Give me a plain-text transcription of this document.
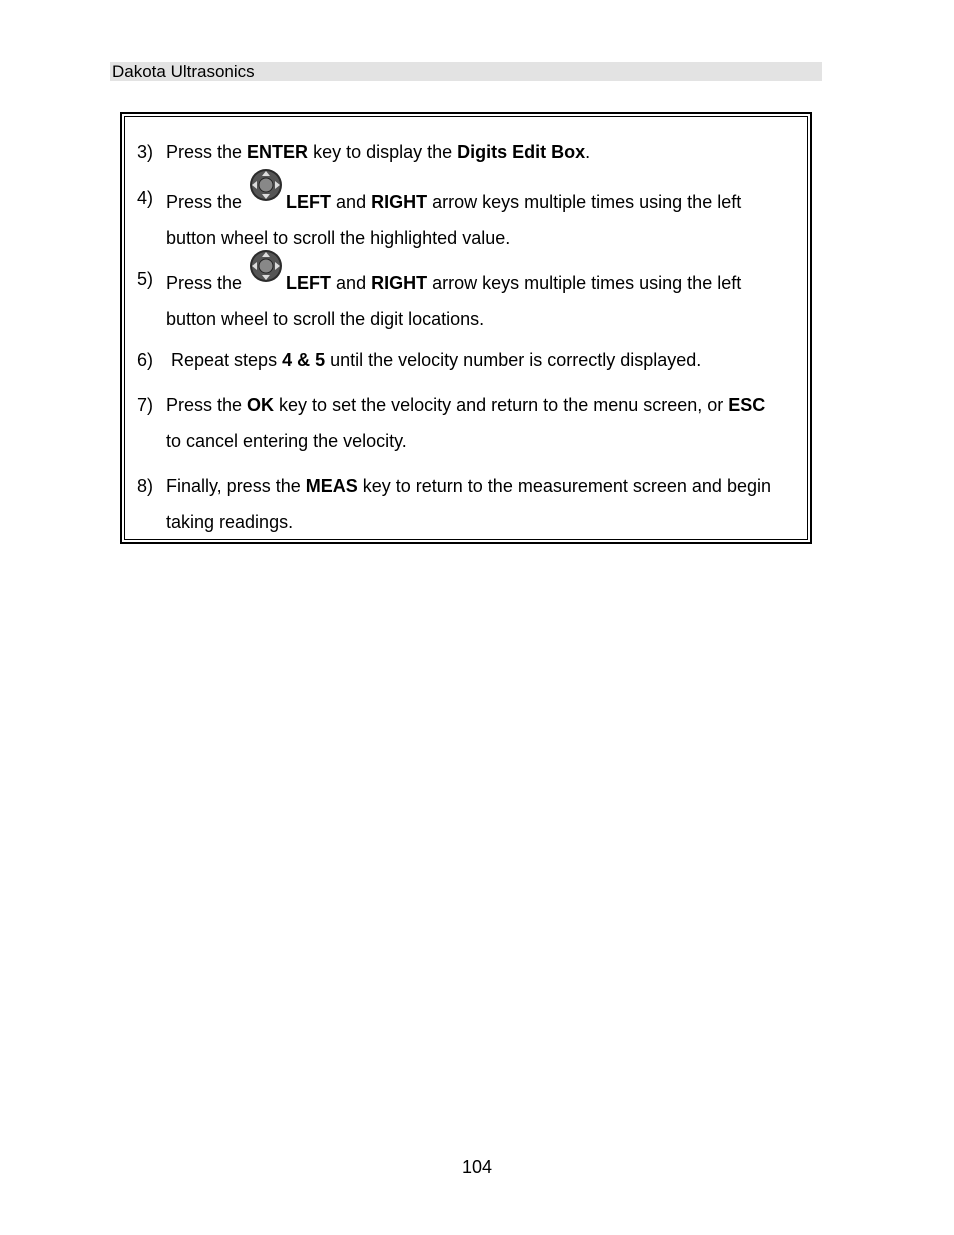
Dakota Ultrasonics
3) Press the ENTER key to display the Digits Edit Box.
4) Press the LEFT and RIGHT arrow keys multiple times using the left
button wheel to scroll the highlighted value.
5) Press the LEFT and RIGHT arrow keys multiple times using the left
button wheel to scroll the digit locations.
6) Repeat steps 4 & 5 until the velocity number is correctly displayed.
7) Press the OK key to set the velocity and return to the menu screen, or ESC
to cancel entering the velocity.
8) Finally, press the MEAS key to return to the measurement screen and begin
taking readings.
104
